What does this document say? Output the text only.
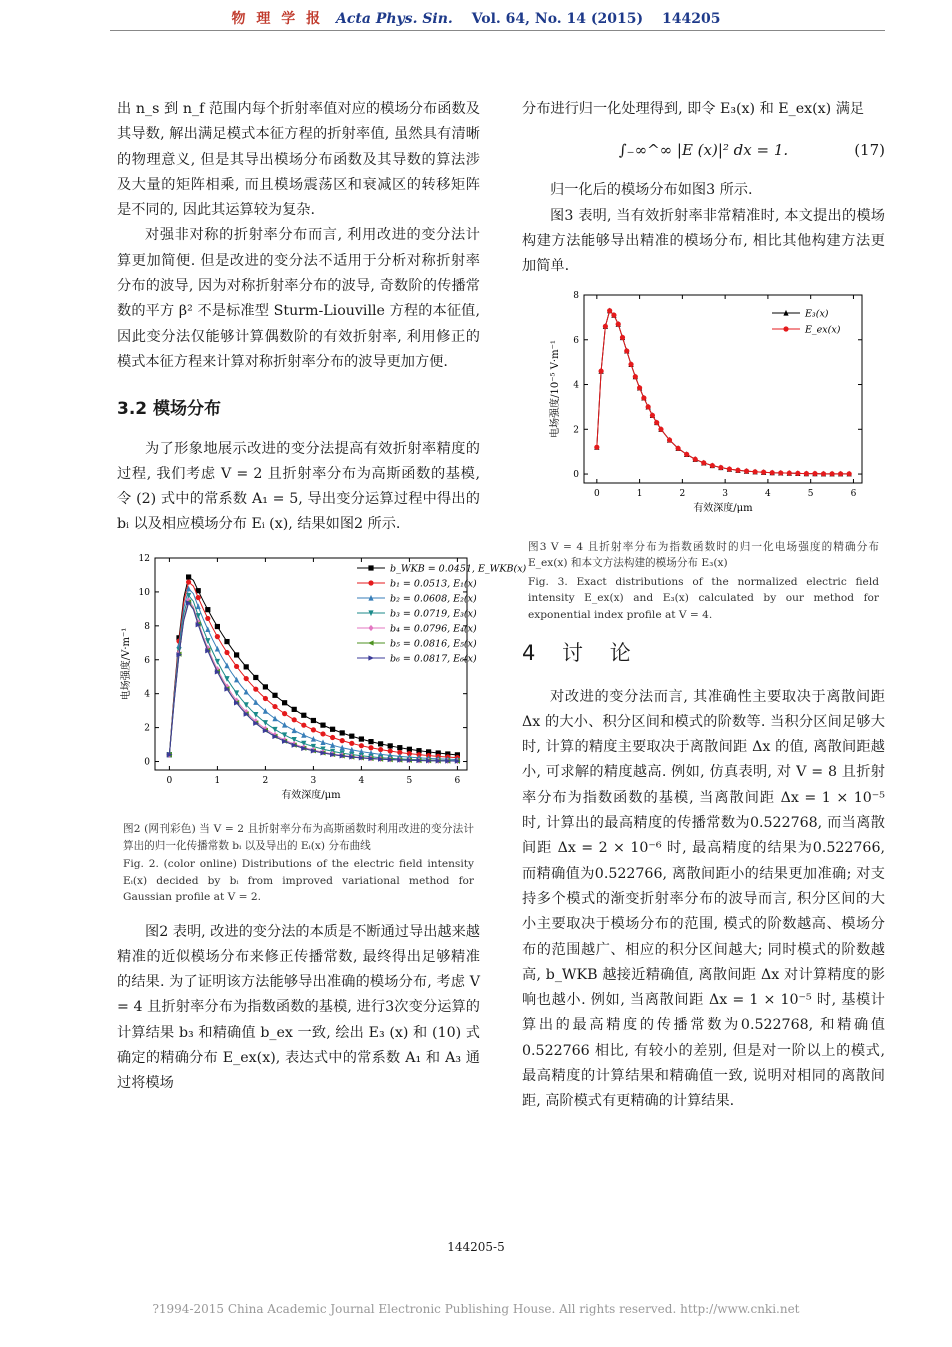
物 理 学 报 Acta Phys. Sin. Vol. 64, No. 14 (2015) 144205

出 n_s 到 n_f 范围内每个折射率值对应的模场分布函数及其导数, 解出满足模式本征方程的折射率值, 虽然具有清晰的物理意义, 但是其导出模场分布函数及其导数的算法涉及大量的矩阵相乘, 而且模场震荡区和衰减区的转移矩阵是不同的, 因此其运算较为复杂.

对强非对称的折射率分布而言, 利用改进的变分法计算更加简便. 但是改进的变分法不适用于分析对称折射率分布的波导, 因为对称折射率分布的波导, 奇数阶的传播常数的平方 β² 不是标准型 Sturm-Liouville 方程的本征值, 因此变分法仅能够计算偶数阶的有效折射率, 利用修正的模式本征方程来计算对称折射率分布的波导更加方便.

3.2 模场分布

为了形象地展示改进的变分法提高有效折射率精度的过程, 我们考虑 V = 2 且折射率分布为高斯函数的基模, 令 (2) 式中的常系数 A₁ = 5, 导出变分运算过程中得出的 bᵢ 以及相应模场分布 Eᵢ (x), 结果如图2 所示.

0	1	2	3	4	5	6
0
2
4
6
8
10
12
有效深度/μm
电场强度/V·m⁻¹
b_WKB = 0.0451, E_WKB(x)
b₁ = 0.0513, E₁(x)
b₂ = 0.0608, E₂(x)
b₃ = 0.0719, E₃(x)
b₄ = 0.0796, E₄(x)
b₅ = 0.0816, E₅(x)
b₆ = 0.0817, E₆(x)
图2 (网刊彩色) 当 V = 2 且折射率分布为高斯函数时利用改进的变分法计算出的归一化传播常数 bᵢ 以及导出的 Eᵢ(x) 分布曲线
Fig. 2. (color online) Distributions of the electric field intensity Eᵢ(x) decided by bᵢ from improved variational method for Gaussian profile at V = 2.

图2 表明, 改进的变分法的本质是不断通过导出越来越精准的近似模场分布来修正传播常数, 最终得出足够精准的结果. 为了证明该方法能够导出准确的模场分布, 考虑 V = 4 且折射率分布为指数函数的基模, 进行3次变分运算的计算结果 b₃ 和精确值 b_ex 一致, 绘出 E₃ (x) 和 (10) 式确定的精确分布 E_ex(x), 表达式中的常系数 A₁ 和 A₃ 通过将模场

分布进行归一化处理得到, 即令 E₃(x) 和 E_ex(x) 满足

∫₋∞^∞ |E (x)|² dx = 1.	(17)

归一化后的模场分布如图3 所示.

图3 表明, 当有效折射率非常精准时, 本文提出的模场构建方法能够导出精准的模场分布, 相比其他构建方法更加简单.

0	1	2	3	4	5	6
0
2
4
6
8
有效深度/μm
电场强度/10⁻⁵ V·m⁻¹
E₃(x)
E_ex(x)
图3 V = 4 且折射率分布为指数函数时的归一化电场强度的精确分布 E_ex(x) 和本文方法构建的模场分布 E₃(x)
Fig. 3. Exact distributions of the normalized electric field intensity E_ex(x) and E₃(x) calculated by our method for exponential index profile at V = 4.
4 讨 论

对改进的变分法而言, 其准确性主要取决于离散间距 Δx 的大小、积分区间和模式的阶数等. 当积分区间足够大时, 计算的精度主要取决于离散间距 Δx 的值, 离散间距越小, 可求解的精度越高. 例如, 仿真表明, 对 V = 8 且折射率分布为指数函数的基模, 当离散间距 Δx = 1 × 10⁻⁵ 时, 计算出的最高精度的传播常数为0.522768, 而当离散间距 Δx = 2 × 10⁻⁶ 时, 最高精度的结果为0.522766, 而精确值为0.522766, 离散间距小的结果更加准确; 对支持多个模式的渐变折射率分布的波导而言, 积分区间的大小主要取决于模场分布的范围, 模式的阶数越高、模场分布的范围越广、相应的积分区间越大; 同时模式的阶数越高, b_WKB 越接近精确值, 离散间距 Δx 对计算精度的影响也越小. 例如, 当离散间距 Δx = 1 × 10⁻⁵ 时, 基模计算出的最高精度的传播常数为0.522768, 和精确值0.522766 相比, 有较小的差别, 但是对一阶以上的模式, 最高精度的计算结果和精确值一致, 说明对相同的离散间距, 高阶模式有更精确的计算结果.

144205-5
?1994-2015 China Academic Journal Electronic Publishing House. All rights reserved. http://www.cnki.net
